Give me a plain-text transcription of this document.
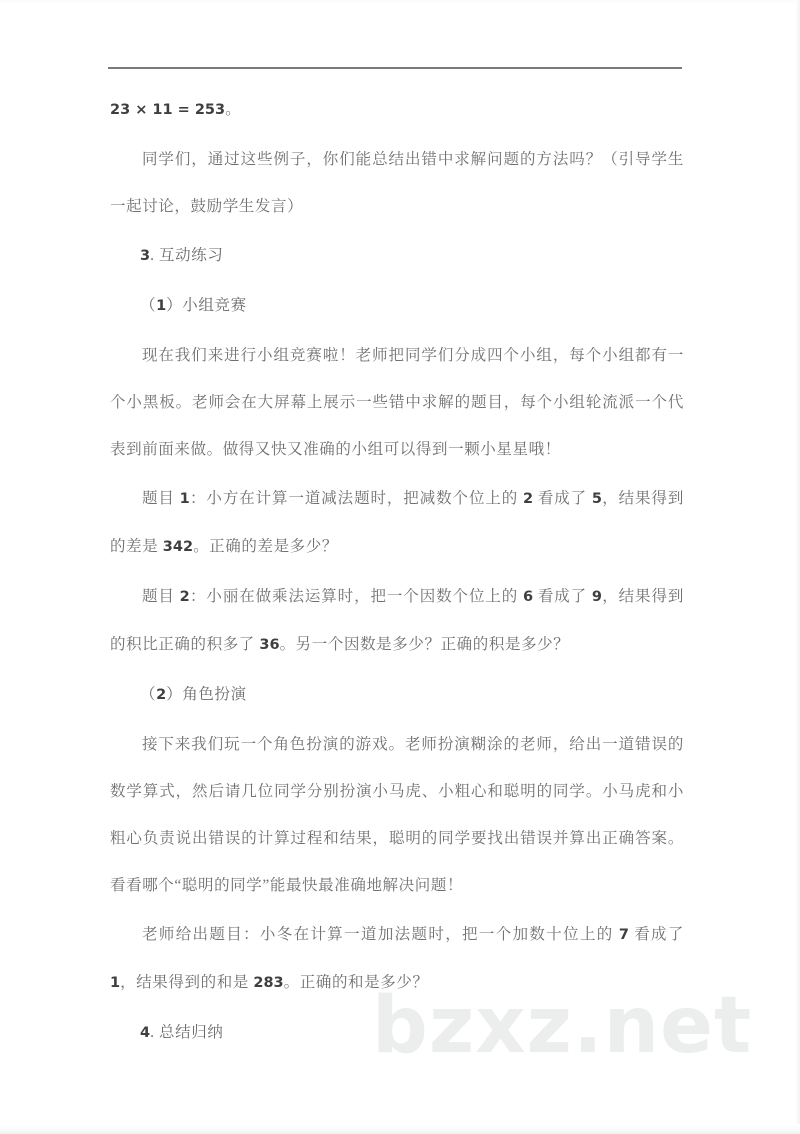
bzxz.net

23 × 11 = 253。

同学们，通过这些例子，你们能总结出错中求解问题的方法吗？（引导学生一起讨论，鼓励学生发言）

3. 互动练习

（1）小组竞赛

现在我们来进行小组竞赛啦！老师把同学们分成四个小组，每个小组都有一个小黑板。老师会在大屏幕上展示一些错中求解的题目，每个小组轮流派一个代表到前面来做。做得又快又准确的小组可以得到一颗小星星哦！

题目 1：小方在计算一道减法题时，把减数个位上的 2 看成了 5，结果得到的差是 342。正确的差是多少？

题目 2：小丽在做乘法运算时，把一个因数个位上的 6 看成了 9，结果得到的积比正确的积多了 36。另一个因数是多少？正确的积是多少？

（2）角色扮演

接下来我们玩一个角色扮演的游戏。老师扮演糊涂的老师，给出一道错误的数学算式，然后请几位同学分别扮演小马虎、小粗心和聪明的同学。小马虎和小粗心负责说出错误的计算过程和结果，聪明的同学要找出错误并算出正确答案。看看哪个“聪明的同学”能最快最准确地解决问题！

老师给出题目：小冬在计算一道加法题时，把一个加数十位上的 7 看成了 1，结果得到的和是 283。正确的和是多少？

4. 总结归纳
